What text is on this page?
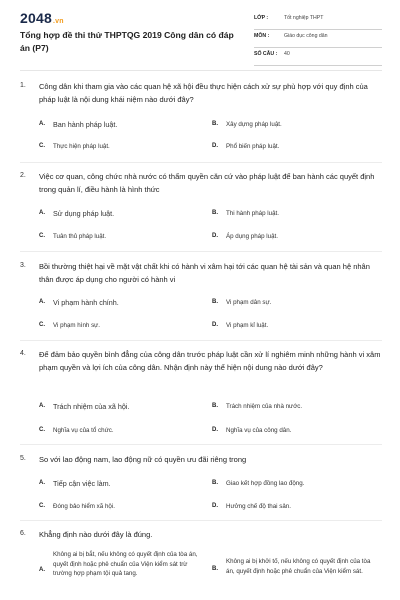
2048.vn
Tổng hợp đề thi thử THPTQG 2019 Công dân có đáp án (P7)
LỚP :	Tốt nghiệp THPT
MÔN :	Giáo dục công dân
SỐ CÂU : 40
1. Công dân khi tham gia vào các quan hệ xã hội đều thực hiện cách xử sự phù hợp với quy định của pháp luật là nội dung khái niệm nào dưới đây?

A. Ban hành pháp luật.	B. Xây dựng pháp luật.
C. Thực hiện pháp luật.	D. Phổ biến pháp luật.
2. Việc cơ quan, công chức nhà nước có thẩm quyền căn cứ vào pháp luật để ban hành các quyết định trong quản lí, điều hành là hình thức

A. Sử dụng pháp luật.	B. Thi hành pháp luật.
C. Tuân thủ pháp luật.	D. Áp dụng pháp luật.
3. Bồi thường thiệt hại về mặt vật chất khi có hành vi xâm hại tới các quan hệ tài sản và quan hệ nhân thân được áp dụng cho người có hành vi

A. Vi phạm hành chính.	B. Vi phạm dân sự.
C. Vi phạm hình sự.	D. Vi phạm kỉ luật.
4. Để đảm bảo quyền bình đẳng của công dân trước pháp luật cần xử lí nghiêm minh những hành vi xâm phạm quyền và lợi ích của công dân. Nhận định này thể hiện nội dung nào dưới đây?

A. Trách nhiệm của xã hội.	B. Trách nhiệm của nhà nước.
C. Nghĩa vụ của tổ chức.	D. Nghĩa vụ của công dân.
5. So với lao động nam, lao động nữ có quyền ưu đãi riêng trong

A. Tiếp cận việc làm.	B. Giao kết hợp đồng lao động.
C. Đóng bảo hiểm xã hội.	D. Hưởng chế độ thai sản.
6. Khẳng định nào dưới đây là đúng.

A.
Không ai bị bắt, nếu không có quyết định của tòa án, quyết định hoặc phê chuẩn của Viện kiểm sát trừ trường hợp phạm tội quả tang.
B.
Không ai bị khởi tố, nếu không có quyết định của tòa án, quyết định hoặc phê chuẩn của Viện kiểm sát.
